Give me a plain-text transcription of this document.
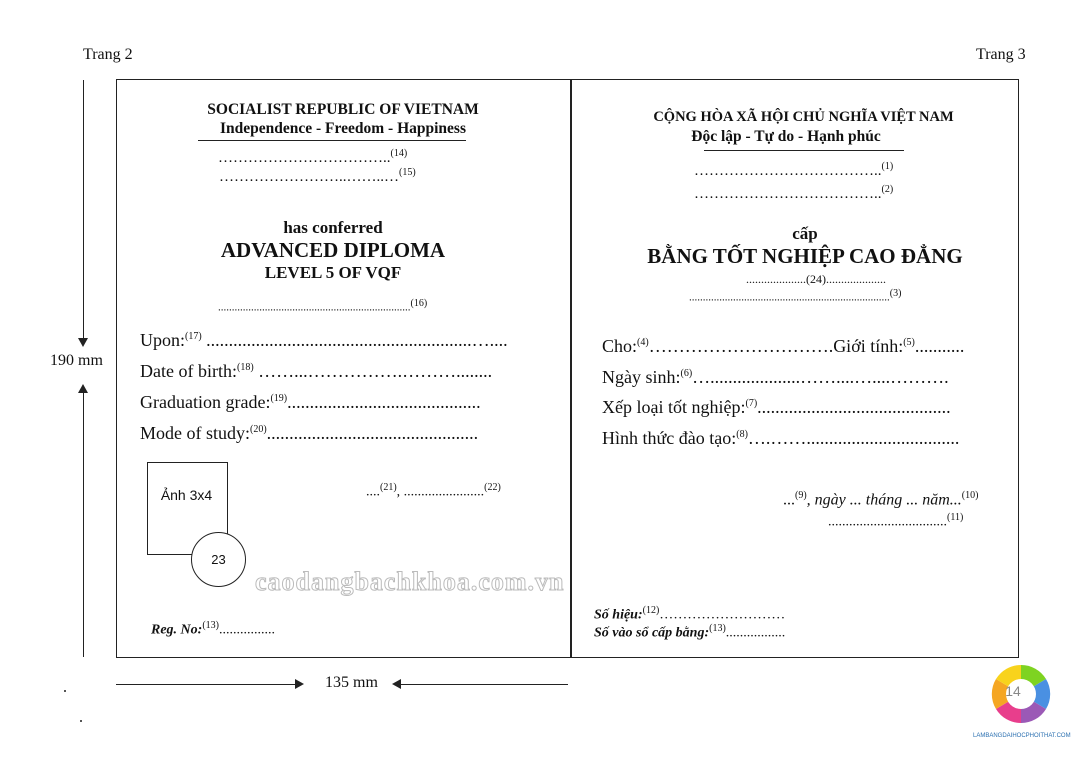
Trang 2	Trang 3
190 mm
135 mm
SOCIALIST REPUBLIC OF VIETNAM
Independence - Freedom - Happiness
……………………………..$^{(14)}$
……………………..……..…$^{(15)}$
has conferred
ADVANCED DIPLOMA
LEVEL 5 OF VQF
......................................................................$^{(16)}$
Upon:$^{(17)}$ ...........................................................…....
Date of birth:$^{(18)}$ ……...…………….………........
Graduation grade:$^{(19)}$...........................................
Mode of study:$^{(20)}$...............................................
Ảnh 3x4
23
....$^{(21)}$, .......................$^{(22)}$
caodangbachkhoa.com.vn
Reg. No:$^{(13)}$................
CỘNG HÒA XÃ HỘI CHỦ NGHĨA VIỆT NAM
Độc lập - Tự do - Hạnh phúc
………………………………..$^{(1)}$
………………………………..$^{(2)}$
cấp
BẰNG TỐT NGHIỆP CAO ĐẲNG
....................(24)....................
.........................................................................$^{(3)}$
Cho:$^{(4)}$………………………….Giới tính:$^{(5)}$...........
Ngày sinh:$^{(6)}$…....................……....…....……….
Xếp loại tốt nghiệp:$^{(7)}$...........................................
Hình thức đào tạo:$^{(8)}$….……..................................
...$^{(9)}$, ngày ... tháng ... năm...$^{(10)}$
..................................$^{(11)}$
Số hiệu:$^{(12)}$………………………
Số vào sổ cấp bằng:$^{(13)}$.................
14
LAMBANGDAIHOCPHOITHAT.COM
